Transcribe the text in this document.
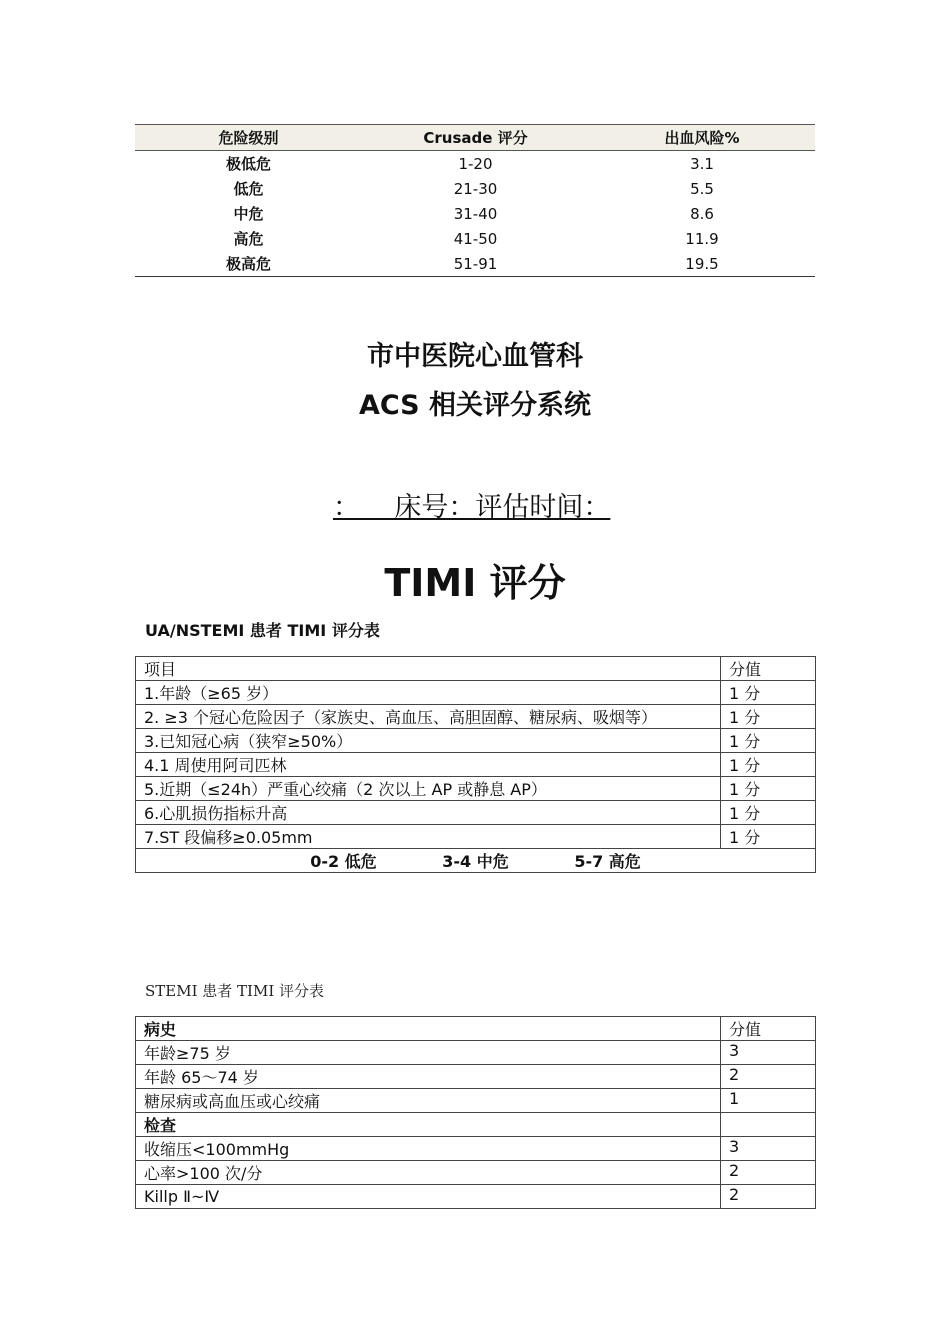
危险级别	Crusade 评分	出血风险%
极低危	1-20	3.1
低危	21-30	5.5
中危	31-40	8.6
高危	41-50	11.9
极高危	51-91	19.5
市中医院心血管科
ACS 相关评分系统
：    床号：评估时间：
TIMI 评分
UA/NSTEMI 患者 TIMI 评分表
项目	分值
1.年龄（≥65 岁）	1 分
2. ≥3 个冠心危险因子（家族史、高血压、高胆固醇、糖尿病、吸烟等）	1 分
3.已知冠心病（狭窄≥50%）	1 分
4.1 周使用阿司匹林	1 分
5.近期（≤24h）严重心绞痛（2 次以上 AP 或静息 AP）	1 分
6.心肌损伤指标升高	1 分
7.ST 段偏移≥0.05mm	1 分
0-2 低危 3-4 中危 5-7 高危	
STEMI 患者 TIMI 评分表
病史	分值
年龄≥75 岁	3
年龄 65～74 岁	2
糖尿病或高血压或心绞痛	1
检查	
收缩压<100mmHg	3
心率>100 次/分	2
Killp Ⅱ~Ⅳ	2
